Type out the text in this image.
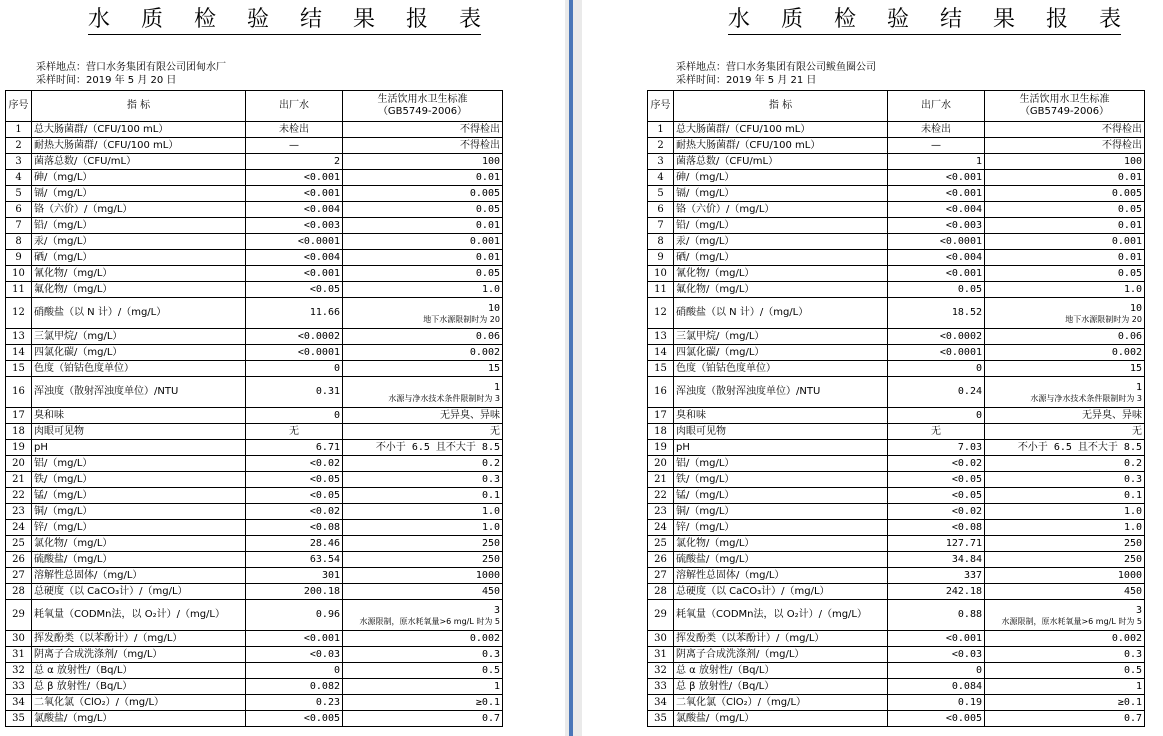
水 质 检 验 结 果 报 表
采样地点：营口水务集团有限公司团甸水厂
采样时间：2019 年 5 月 20 日
序号	指 标	出厂水	生活饮用水卫生标准
（GB5749-2006）
1	总大肠菌群/（CFU/100 mL）	未检出	不得检出
2	耐热大肠菌群/（CFU/100 mL）	—	不得检出
3	菌落总数/（CFU/mL）	2	100
4	砷/（mg/L）	<0.001	0.01
5	镉/（mg/L）	<0.001	0.005
6	铬（六价）/（mg/L）	<0.004	0.05
7	铅/（mg/L）	<0.003	0.01
8	汞/（mg/L）	<0.0001	0.001
9	硒/（mg/L）	<0.004	0.01
10	氰化物/（mg/L）	<0.001	0.05
11	氟化物/（mg/L）	<0.05	1.0
12	硝酸盐（以 N 计）/（mg/L）	11.66	10
地下水源限制时为 20

13	三氯甲烷/（mg/L）	<0.0002	0.06
14	四氯化碳/（mg/L）	<0.0001	0.002
15	色度（铂钴色度单位）	0	15
16	浑浊度（散射浑浊度单位）/NTU	0.31	1
水源与净水技术条件限制时为 3

17	臭和味	0	无异臭、异味
18	肉眼可见物	无	无
19	pH	6.71	不小于 6.5 且不大于 8.5
20	铝/（mg/L）	<0.02	0.2
21	铁/（mg/L）	<0.05	0.3
22	锰/（mg/L）	<0.05	0.1
23	铜/（mg/L）	<0.02	1.0
24	锌/（mg/L）	<0.08	1.0
25	氯化物/（mg/L）	28.46	250
26	硫酸盐/（mg/L）	63.54	250
27	溶解性总固体/（mg/L）	301	1000
28	总硬度（以 CaCO₃计）/（mg/L）	200.18	450
29	耗氧量（CODMn法，以 O₂计）/（mg/L）	0.96	3
水源限制，原水耗氧量>6 mg/L 时为 5

30	挥发酚类（以苯酚计）/（mg/L）	<0.001	0.002
31	阴离子合成洗涤剂/（mg/L）	<0.03	0.3
32	总 α 放射性/（Bq/L）	0	0.5
33	总 β 放射性/（Bq/L）	0.082	1
34	二氧化氯（ClO₂）/（mg/L）	0.23	≥0.1
35	氯酸盐/（mg/L）	<0.005	0.7
水 质 检 验 结 果 报 表
采样地点：营口水务集团有限公司鲅鱼圈公司
采样时间：2019 年 5 月 21 日
序号	指 标	出厂水	生活饮用水卫生标准
（GB5749-2006）
1	总大肠菌群/（CFU/100 mL）	未检出	不得检出
2	耐热大肠菌群/（CFU/100 mL）	—	不得检出
3	菌落总数/（CFU/mL）	1	100
4	砷/（mg/L）	<0.001	0.01
5	镉/（mg/L）	<0.001	0.005
6	铬（六价）/（mg/L）	<0.004	0.05
7	铅/（mg/L）	<0.003	0.01
8	汞/（mg/L）	<0.0001	0.001
9	硒/（mg/L）	<0.004	0.01
10	氰化物/（mg/L）	<0.001	0.05
11	氟化物/（mg/L）	0.05	1.0
12	硝酸盐（以 N 计）/（mg/L）	18.52	10
地下水源限制时为 20

13	三氯甲烷/（mg/L）	<0.0002	0.06
14	四氯化碳/（mg/L）	<0.0001	0.002
15	色度（铂钴色度单位）	0	15
16	浑浊度（散射浑浊度单位）/NTU	0.24	1
水源与净水技术条件限制时为 3

17	臭和味	0	无异臭、异味
18	肉眼可见物	无	无
19	pH	7.03	不小于 6.5 且不大于 8.5
20	铝/（mg/L）	<0.02	0.2
21	铁/（mg/L）	<0.05	0.3
22	锰/（mg/L）	<0.05	0.1
23	铜/（mg/L）	<0.02	1.0
24	锌/（mg/L）	<0.08	1.0
25	氯化物/（mg/L）	127.71	250
26	硫酸盐/（mg/L）	34.84	250
27	溶解性总固体/（mg/L）	337	1000
28	总硬度（以 CaCO₃计）/（mg/L）	242.18	450
29	耗氧量（CODMn法，以 O₂计）/（mg/L）	0.88	3
水源限制，原水耗氧量>6 mg/L 时为 5

30	挥发酚类（以苯酚计）/（mg/L）	<0.001	0.002
31	阴离子合成洗涤剂/（mg/L）	<0.03	0.3
32	总 α 放射性/（Bq/L）	0	0.5
33	总 β 放射性/（Bq/L）	0.084	1
34	二氧化氯（ClO₂）/（mg/L）	0.19	≥0.1
35	氯酸盐/（mg/L）	<0.005	0.7
